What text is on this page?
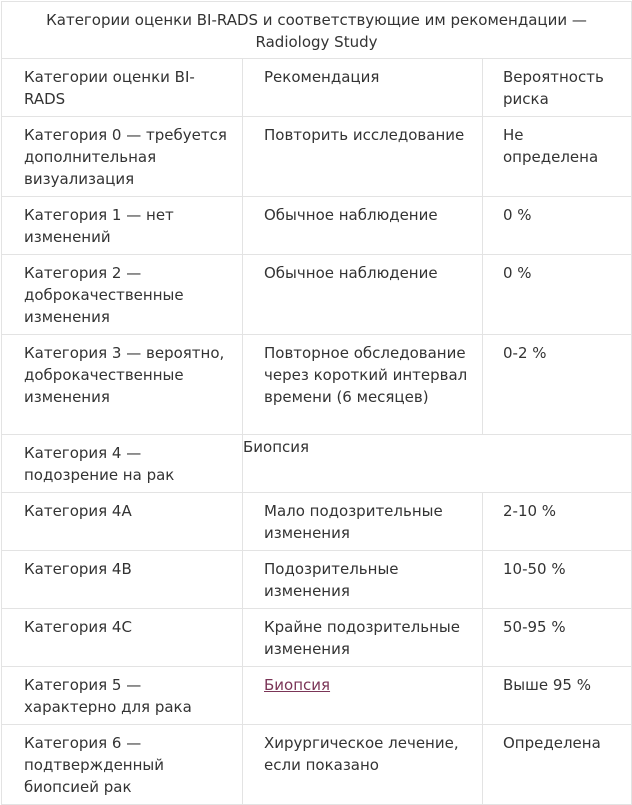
Категории оценки BI-RADS и соответствующие им рекомендации — Radiology Study		
Категории оценки BI-RADS	Рекомендация	Вероятность риска
Категория 0 — требуется дополнительная визуализация	Повторить исследование	Не определена
Категория 1 — нет изменений	Обычное наблюдение	0 %
Категория 2 — доброкачественные изменения	Обычное наблюдение	0 %
Категория 3 — вероятно, доброкачественные изменения	Повторное обследование через короткий интервал времени (6 месяцев)	0-2 %
Категория 4 — подозрение на рак	Биопсия	
Категория 4A	Мало подозрительные изменения	2-10 %
Категория 4B	Подозрительные изменения	10-50 %
Категория 4C	Крайне подозрительные изменения	50-95 %
Категория 5 — характерно для рака	Биопсия	Выше 95 %
Категория 6 — подтвержденный биопсией рак	Хирургическое лечение, если показано	Определена
